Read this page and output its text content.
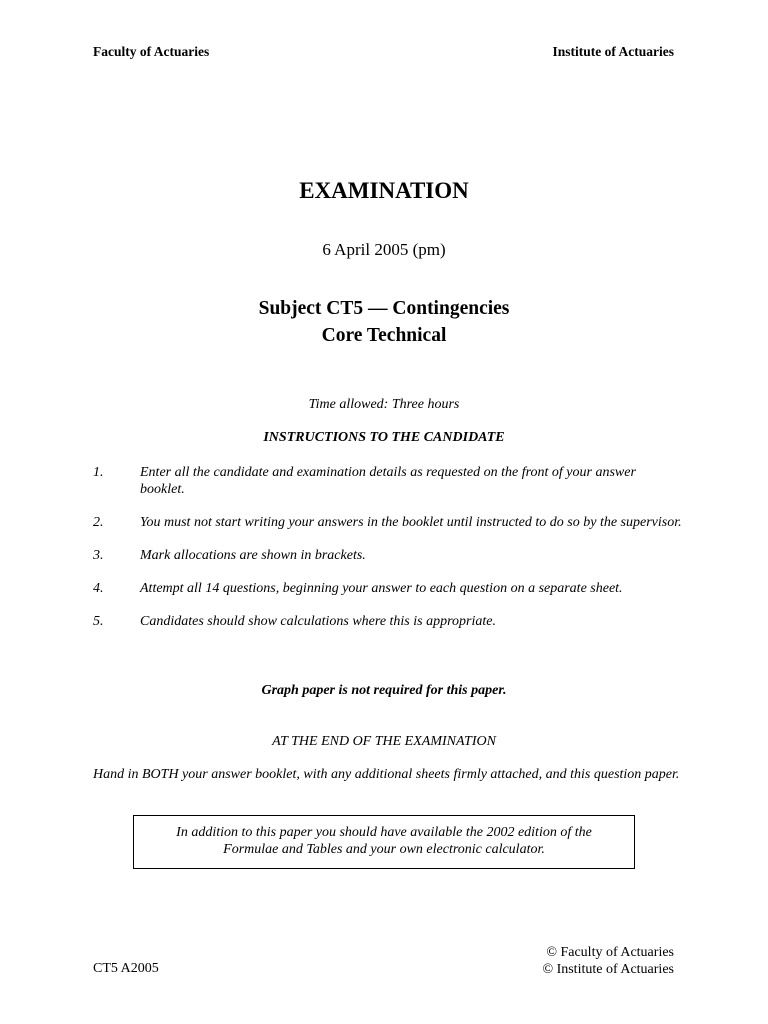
Faculty of Actuaries	Institute of Actuaries
EXAMINATION
6 April 2005 (pm)
Subject CT5 — Contingencies
Core Technical
Time allowed: Three hours
INSTRUCTIONS TO THE CANDIDATE
1.	Enter all the candidate and examination details as requested on the front of your answer booklet.
2.	You must not start writing your answers in the booklet until instructed to do so by the supervisor.
3.	Mark allocations are shown in brackets.
4.	Attempt all 14 questions, beginning your answer to each question on a separate sheet.
5.	Candidates should show calculations where this is appropriate.
Graph paper is not required for this paper.
AT THE END OF THE EXAMINATION
Hand in BOTH your answer booklet, with any additional sheets firmly attached, and this question paper.
In addition to this paper you should have available the 2002 edition of the
Formulae and Tables and your own electronic calculator.
CT5 A2005
© Faculty of Actuaries
© Institute of Actuaries
